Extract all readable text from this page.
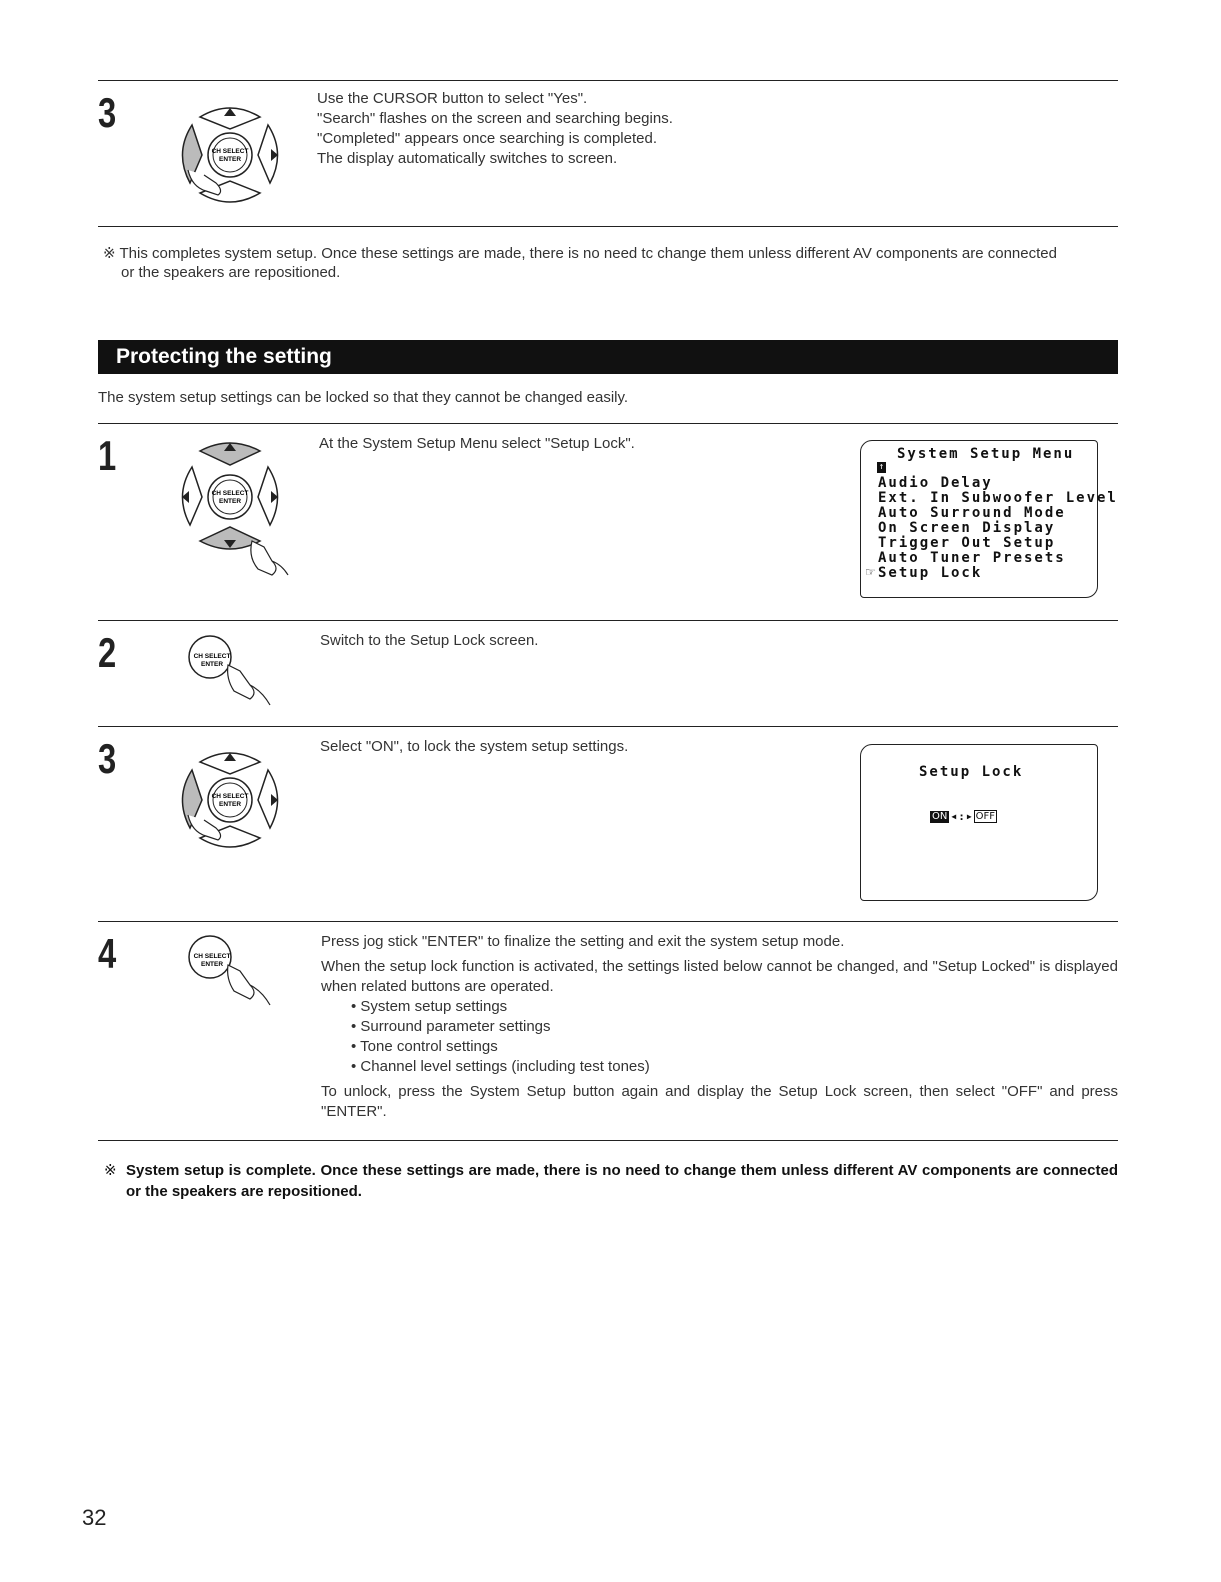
3
CH SELECT
ENTER

Use the CURSOR button to select "Yes".

"Search" flashes on the screen and searching begins.

"Completed" appears once searching is completed.

The display automatically switches to screen.

※ This completes system setup. Once these settings are made, there is no need tc change them unless different AV components are connected
or the speakers are repositioned.
Protecting the setting
The system setup settings can be locked so that they cannot be changed easily.
1
CH SELECT
ENTER
At the System Setup Menu select "Setup Lock".
System Setup Menu
↑
Audio Delay
Ext. In Subwoofer Level
Auto Surround Mode
On Screen Display
Trigger Out Setup
Auto Tuner Presets
Setup Lock
☞
2	CH SELECT
ENTER
Switch to the Setup Lock screen.
3
CH SELECT
ENTER
Select "ON", to lock the system setup settings.
Setup Lock
ON ◀ : ▶ OFF
4	CH SELECT
ENTER

Press jog stick "ENTER" to finalize the setting and exit the system setup mode.

When the setup lock function is activated, the settings listed below cannot be changed, and "Setup Locked" is displayed when related buttons are operated.

• System setup settings
• Surround parameter settings
• Tone control settings
• Channel level settings (including test tones)

To unlock, press the System Setup button again and display the Setup Lock screen, then select "OFF" and press "ENTER".

※ System setup is complete. Once these settings are made, there is no need to change them unless different AV components are connected or the speakers are repositioned.
32
